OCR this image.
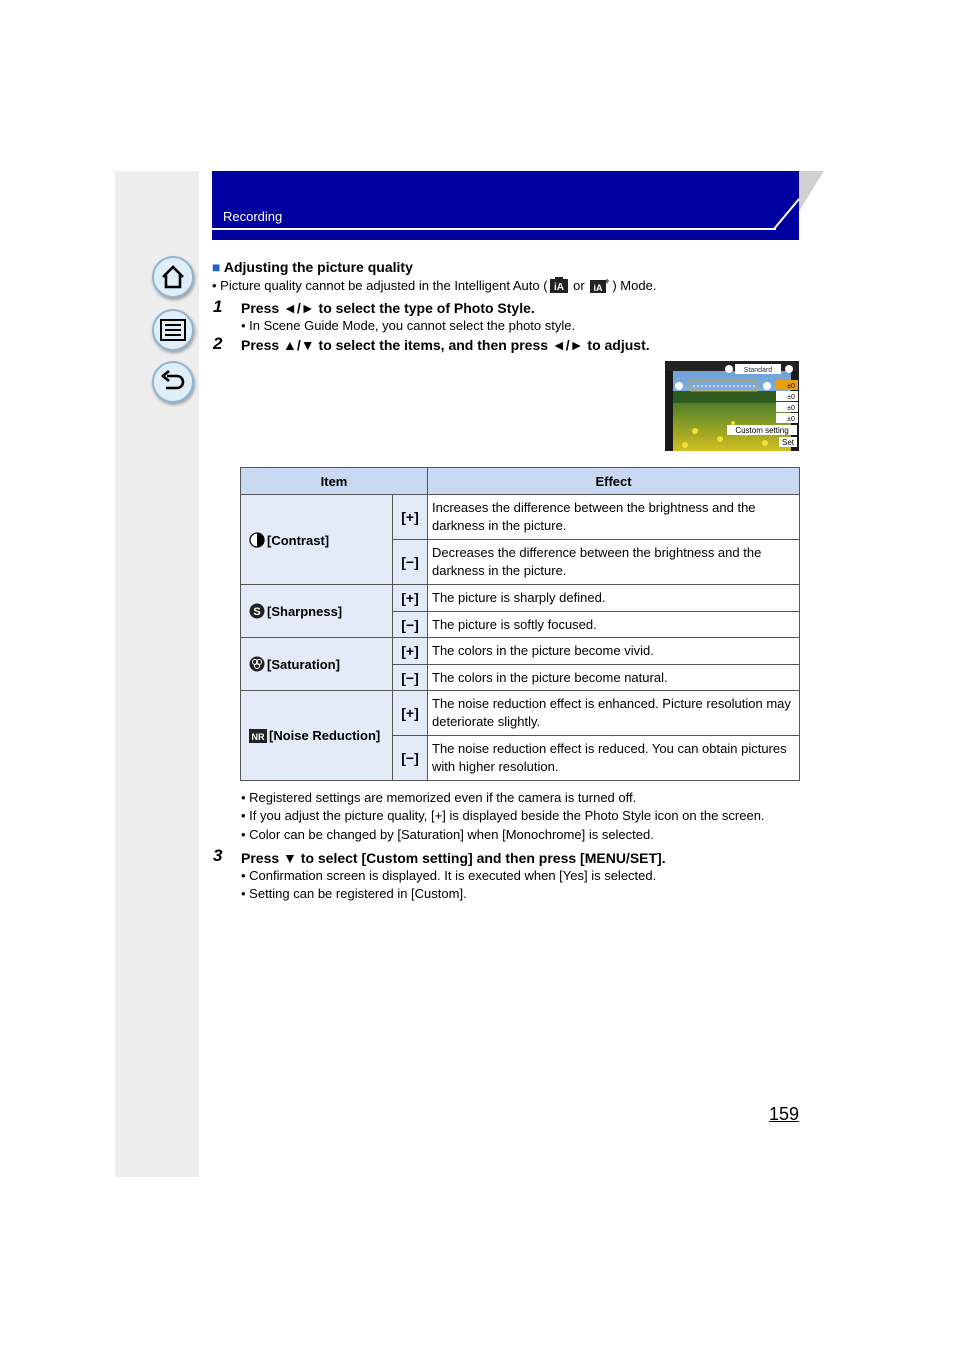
Recording
■ Adjusting the picture quality
• Picture quality cannot be adjusted in the Intelligent Auto ( iA or iA
+ ) Mode.
1 Press ◄/► to select the type of Photo Style.
• In Scene Guide Mode, you cannot select the photo style.
2 Press ▲/▼ to select the items, and then press ◄/► to adjust.
Standard
±0
±0
±0
±0
Custom setting
Set
Item		Effect
[Contrast]	[+]	Increases the difference between the brightness and the darkness in the picture.
	[−]	Decreases the difference between the brightness and the darkness in the picture.

S [Sharpness]	[+]	The picture is sharply defined.
	[−]	The picture is softly focused.
[Saturation]	[+]	The colors in the picture become vivid.
	[−]	The colors in the picture become natural.

NR [Noise Reduction]	[+]	The noise reduction effect is enhanced. Picture resolution may deteriorate slightly.
	[−]	The noise reduction effect is reduced. You can obtain pictures with higher resolution.
• Registered settings are memorized even if the camera is turned off.
• If you adjust the picture quality, [+] is displayed beside the Photo Style icon on the screen.
• Color can be changed by [Saturation] when [Monochrome] is selected.
3 Press ▼ to select [Custom setting] and then press [MENU/SET].
• Confirmation screen is displayed. It is executed when [Yes] is selected.
• Setting can be registered in [Custom].
159
